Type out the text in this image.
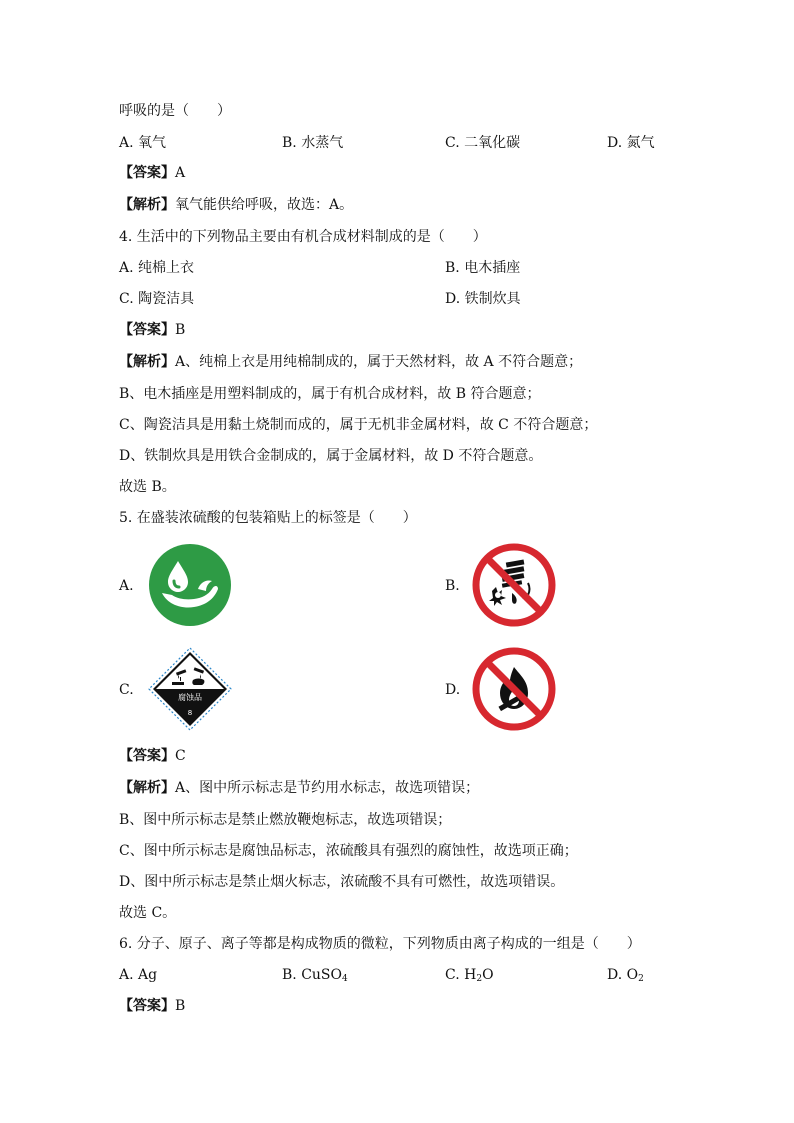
呼吸的是（　　）
A. 氧气	B. 水蒸气	C. 二氧化碳	D. 氮气
【答案】A
【解析】氧气能供给呼吸，故选：A。
4. 生活中的下列物品主要由有机合成材料制成的是（　　）
A. 纯棉上衣	B. 电木插座
C. 陶瓷洁具	D. 铁制炊具
【答案】B
【解析】A、纯棉上衣是用纯棉制成的，属于天然材料，故 A 不符合题意；
B、电木插座是用塑料制成的，属于有机合成材料，故 B 符合题意；
C、陶瓷洁具是用黏土烧制而成的，属于无机非金属材料，故 C 不符合题意；
D、铁制炊具是用铁合金制成的，属于金属材料，故 D 不符合题意。
故选 B。
5. 在盛装浓硫酸的包装箱贴上的标签是（　　）
A.	B.
C.	腐蚀品
8
D.
【答案】C
【解析】A、图中所示标志是节约用水标志，故选项错误；
B、图中所示标志是禁止燃放鞭炮标志，故选项错误；
C、图中所示标志是腐蚀品标志，浓硫酸具有强烈的腐蚀性，故选项正确；
D、图中所示标志是禁止烟火标志，浓硫酸不具有可燃性，故选项错误。
故选 C。
6. 分子、原子、离子等都是构成物质的微粒，下列物质由离子构成的一组是（　　）
A. Ag	B. CuSO$_4$	C. $H_2O$	D. $O_2$
【答案】B
